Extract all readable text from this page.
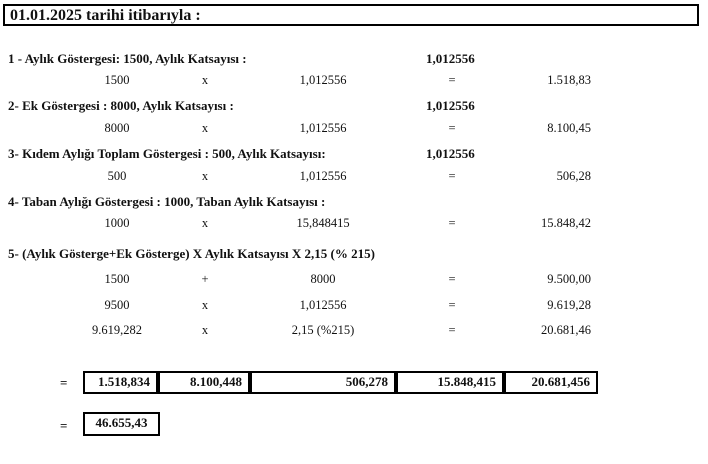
01.01.2025 tarihi itibarıyla :
1 - Aylık Göstergesi: 1500, Aylık Katsayısı :	1,012556
1500	x	1,012556	=	1.518,83
2- Ek Göstergesi : 8000, Aylık Katsayısı :	1,012556
8000	x	1,012556	=	8.100,45
3- Kıdem Aylığı Toplam Göstergesi : 500, Aylık Katsayısı:	1,012556
500	x	1,012556	=	506,28
4- Taban Aylığı Göstergesi : 1000, Taban Aylık Katsayısı :
1000	x	15,848415	=	15.848,42
5- (Aylık Gösterge+Ek Gösterge) X Aylık Katsayısı X 2,15 (% 215)
1500	+	8000	=	9.500,00
9500	x	1,012556	=	9.619,28
9.619,282	x	2,15 (%215)	=	20.681,46
=	1.518,834	8.100,448	506,278	15.848,415	20.681,456
=	46.655,43
